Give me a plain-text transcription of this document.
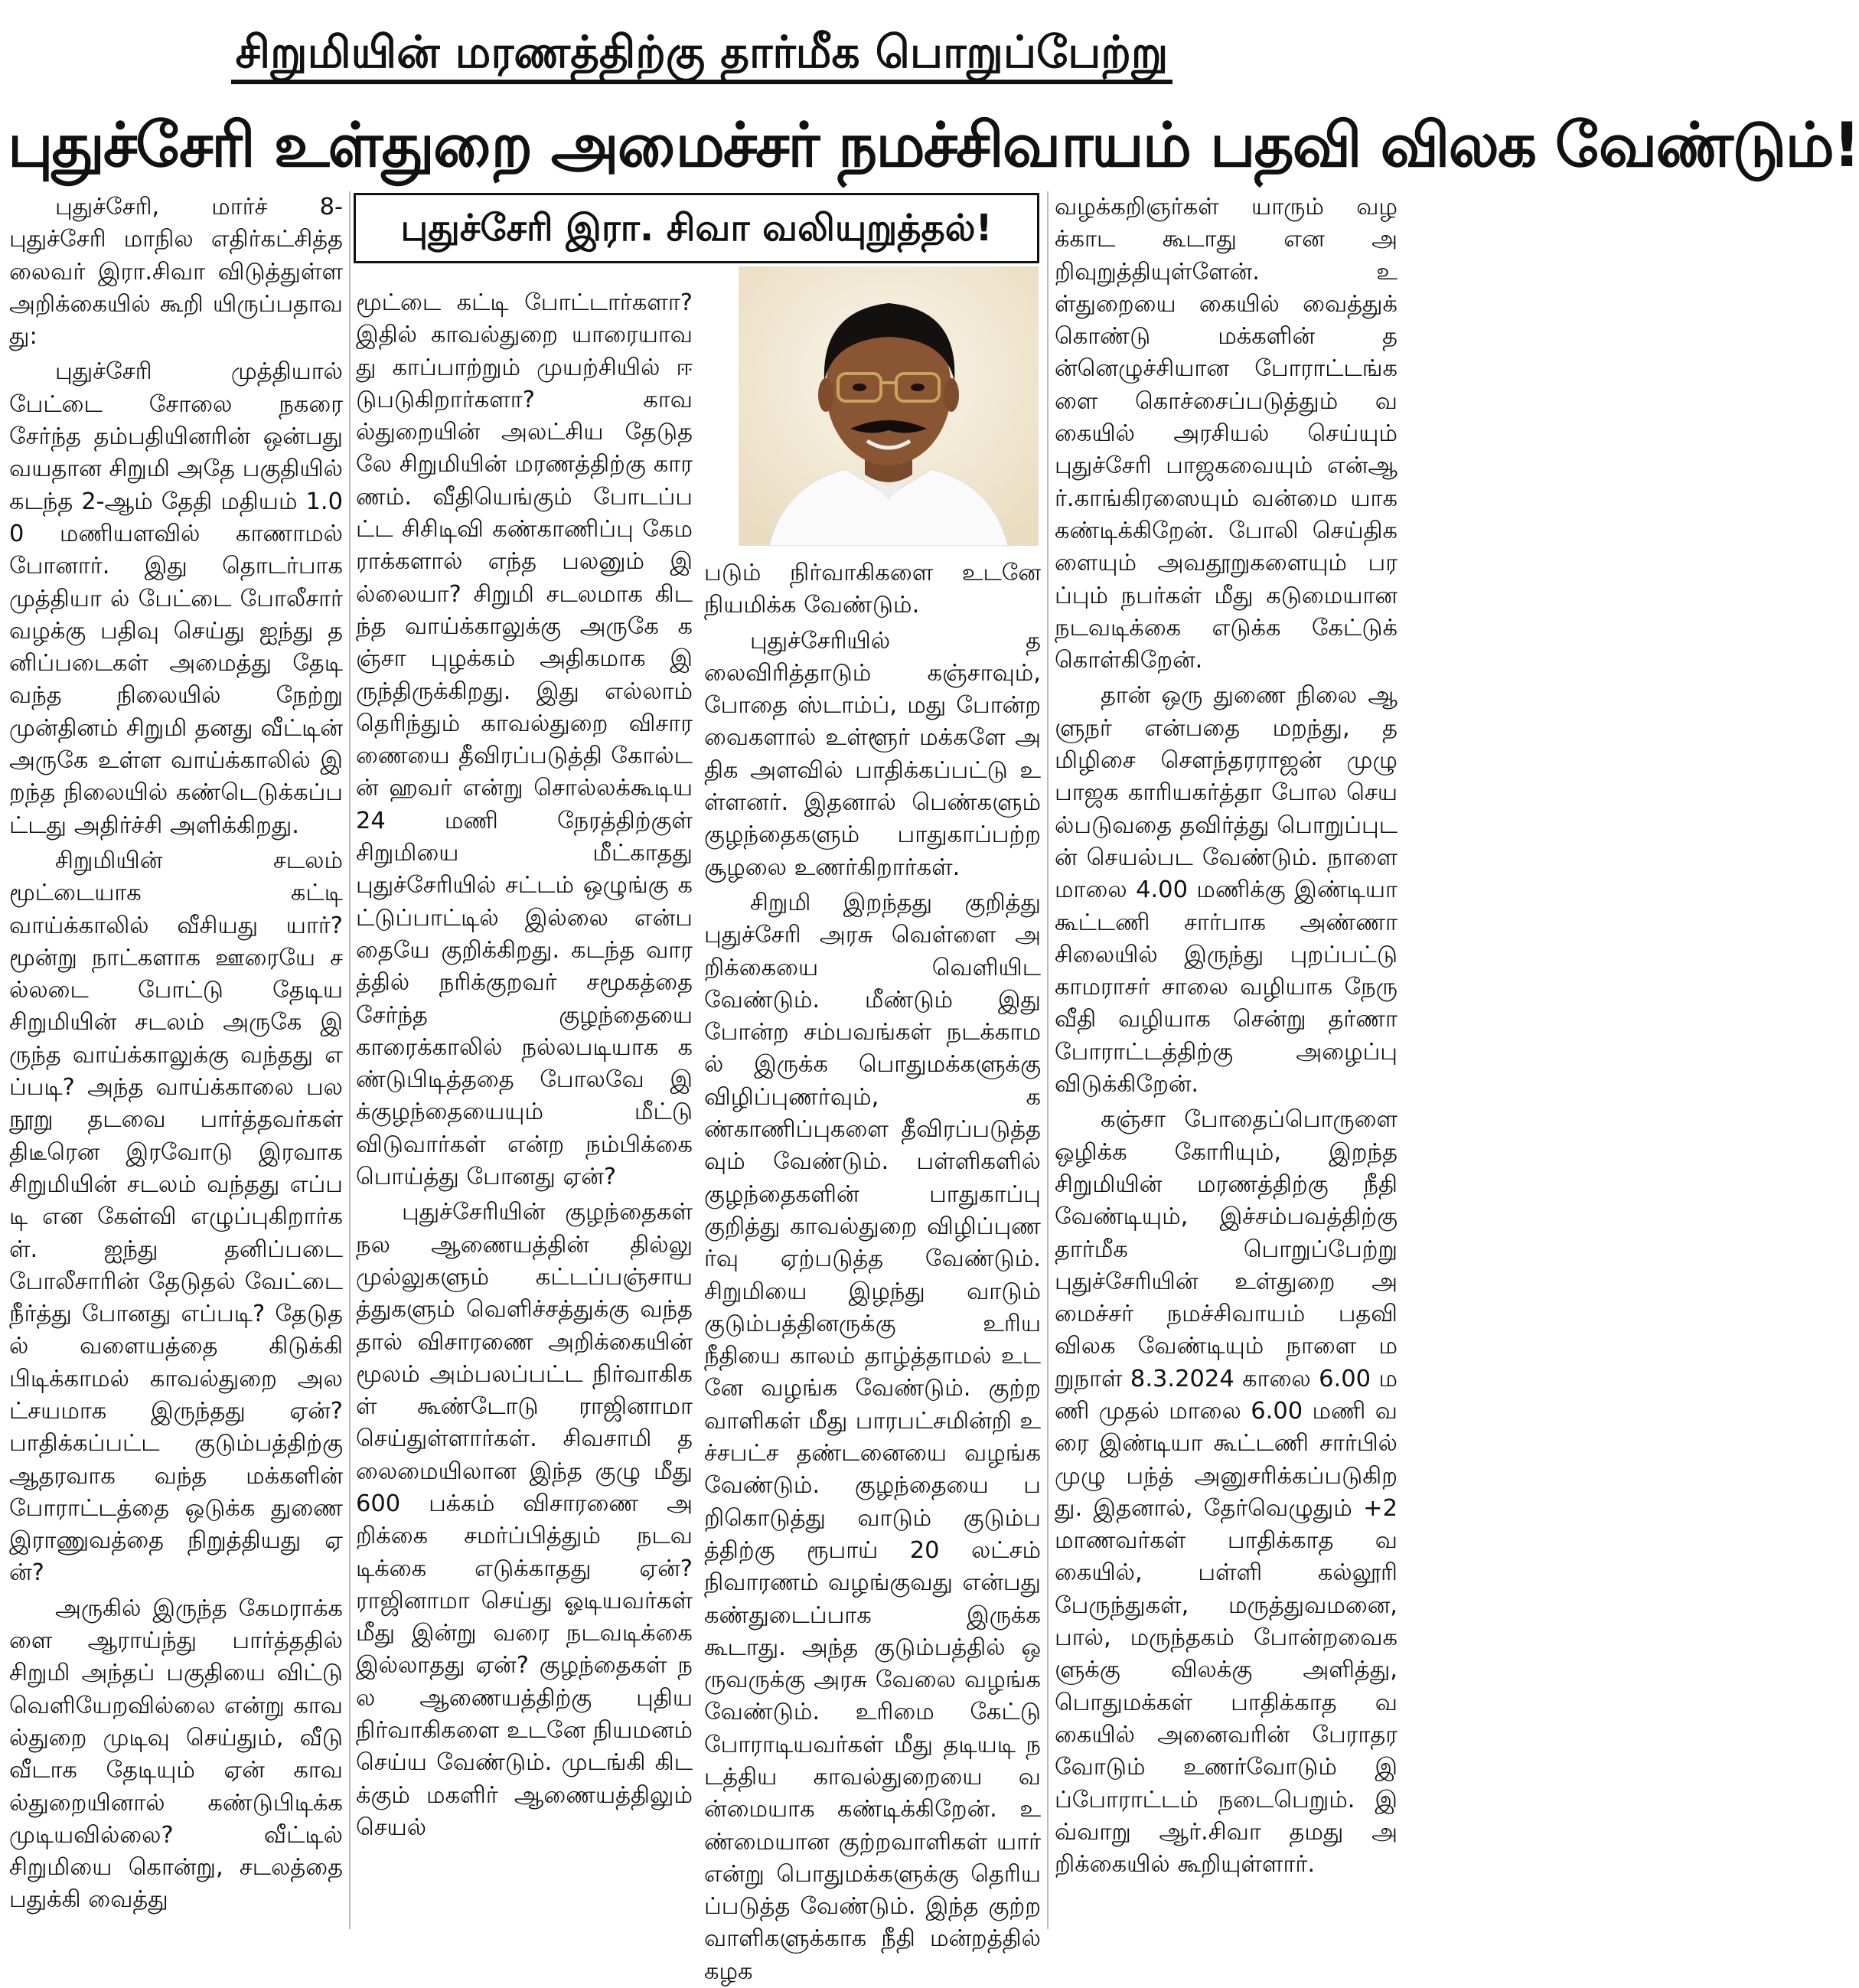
சிறுமியின் மரணத்திற்கு தார்மீக பொறுப்பேற்று
புதுச்சேரி உள்துறை அமைச்சர் நமச்சிவாயம் பதவி விலக வேண்டும்!

புதுச்சேரி, மார்ச் 8- புதுச்சேரி மாநில எதிர்கட்சித்தலைவர் இரா.சிவா விடுத்துள்ள அறிக்கையில் கூறி யிருப்பதாவது:

புதுச்சேரி முத்தியால் பேட்டை சோலை நகரை சேர்ந்த தம்பதியினரின் ஒன்பது வயதான சிறுமி அதே பகுதியில் கடந்த 2-ஆம் தேதி மதியம் 1.00 மணியளவில் காணாமல் போனார். இது தொடர்பாக முத்தியா ல் பேட்டை போலீசார் வழக்கு பதிவு செய்து ஐந்து தனிப்படைகள் அமைத்து தேடி வந்த நிலையில் நேற்று முன்தினம் சிறுமி தனது வீட்டின் அருகே உள்ள வாய்க்காலில் இறந்த நிலையில் கண்டெடுக்கப்பட்டது அதிர்ச்சி அளிக்கிறது.

சிறுமியின் சடலம் மூட்டையாக கட்டி வாய்க்காலில் வீசியது யார்? மூன்று நாட்களாக ஊரையே சல்லடை போட்டு தேடிய சிறுமியின் சடலம் அருகே இருந்த வாய்க்காலுக்கு வந்தது எப்படி? அந்த வாய்க்காலை பல நூறு தடவை பார்த்தவர்கள் திடீரென இரவோடு இரவாக சிறுமியின் சடலம் வந்தது எப்படி என கேள்வி எழுப்புகிறார்கள். ஐந்து தனிப்படை போலீசாரின் தேடுதல் வேட்டை நீர்த்து போனது எப்படி? தேடுதல் வளையத்தை கிடுக்கி பிடிக்காமல் காவல்துறை அலட்சயமாக இருந்தது ஏன்? பாதிக்கப்பட்ட குடும்பத்திற்கு ஆதரவாக வந்த மக்களின் போராட்டத்தை ஒடுக்க துணை இராணுவத்தை நிறுத்தியது ஏன்?

அருகில் இருந்த கேமராக்களை ஆராய்ந்து பார்த்ததில் சிறுமி அந்தப் பகுதியை விட்டு வெளியேறவில்லை என்று காவல்துறை முடிவு செய்தும், வீடு வீடாக தேடியும் ஏன் காவல்துறையினால் கண்டுபிடிக்க முடியவில்லை? வீட்டில் சிறுமியை கொன்று, சடலத்தை பதுக்கி வைத்து

புதுச்சேரி இரா. சிவா வலியுறுத்தல்!

மூட்டை கட்டி போட்டார்களா? இதில் காவல்துறை யாரையாவது காப்பாற்றும் முயற்சியில் ஈடுபடுகிறார்களா? காவல்துறையின் அலட்சிய தேடுதலே சிறுமியின் மரணத்திற்கு காரணம். வீதியெங்கும் போடப்பட்ட சிசிடிவி கண்காணிப்பு கேமராக்களால் எந்த பலனும் இல்லையா? சிறுமி சடலமாக கிடந்த வாய்க்காலுக்கு அருகே கஞ்சா புழக்கம் அதிகமாக இருந்திருக்கிறது. இது எல்லாம் தெரிந்தும் காவல்துறை விசாரணையை தீவிரப்படுத்தி கோல்டன் ஹவர் என்று சொல்லக்கூடிய 24 மணி நேரத்திற்குள் சிறுமியை மீட்காதது புதுச்சேரியில் சட்டம் ஒழுங்கு கட்டுப்பாட்டில் இல்லை என்பதையே குறிக்கிறது. கடந்த வாரத்தில் நரிக்குறவர் சமூகத்தை சேர்ந்த குழந்தையை காரைக்காலில் நல்லபடியாக கண்டுபிடித்ததை போலவே இக்குழந்தையையும் மீட்டு விடுவார்கள் என்ற நம்பிக்கை பொய்த்து போனது ஏன்?

புதுச்சேரியின் குழந்தைகள் நல ஆணையத்தின் தில்லு முல்லுகளும் கட்டப்பஞ்சாயத்துகளும் வெளிச்சத்துக்கு வந்ததால் விசாரணை அறிக்கையின் மூலம் அம்பலப்பட்ட நிர்வாகிகள் கூண்டோடு ராஜினாமா செய்துள்ளார்கள். சிவசாமி தலைமையிலான இந்த குழு மீது 600 பக்கம் விசாரணை அறிக்கை சமர்ப்பித்தும் நடவடிக்கை எடுக்காதது ஏன்? ராஜினாமா செய்து ஓடியவர்கள் மீது இன்று வரை நடவடிக்கை இல்லாதது ஏன்? குழந்தைகள் நல ஆணையத்திற்கு புதிய நிர்வாகிகளை உடனே நியமனம் செய்ய வேண்டும். முடங்கி கிடக்கும் மகளிர் ஆணையத்திலும் செயல்

படும் நிர்வாகிகளை உடனே நியமிக்க வேண்டும்.

புதுச்சேரியில் தலைவிரித்தாடும் கஞ்சாவும், போதை ஸ்டாம்ப், மது போன்றவைகளால் உள்ளூர் மக்களே அதிக அளவில் பாதிக்கப்பட்டு உள்ளனர். இதனால் பெண்களும் குழந்தைகளும் பாதுகாப்பற்ற சூழலை உணர்கிறார்கள்.

சிறுமி இறந்தது குறித்து புதுச்சேரி அரசு வெள்ளை அறிக்கையை வெளியிட வேண்டும். மீண்டும் இது போன்ற சம்பவங்கள் நடக்காமல் இருக்க பொதுமக்களுக்கு விழிப்புணர்வும், கண்காணிப்புகளை தீவிரப்படுத்தவும் வேண்டும். பள்ளிகளில் குழந்தைகளின் பாதுகாப்பு குறித்து காவல்துறை விழிப்புணர்வு ஏற்படுத்த வேண்டும். சிறுமியை இழந்து வாடும் குடும்பத்தினருக்கு உரிய நீதியை காலம் தாழ்த்தாமல் உடனே வழங்க வேண்டும். குற்றவாளிகள் மீது பாரபட்சமின்றி உச்சபட்ச தண்டனையை வழங்க வேண்டும். குழந்தையை பறிகொடுத்து வாடும் குடும்பத்திற்கு ரூபாய் 20 லட்சம் நிவாரணம் வழங்குவது என்பது கண்துடைப்பாக இருக்க கூடாது. அந்த குடும்பத்தில் ஒருவருக்கு அரசு வேலை வழங்க வேண்டும். உரிமை கேட்டு போராடியவர்கள் மீது தடியடி நடத்திய காவல்துறையை வன்மையாக கண்டிக்கிறேன். உண்மையான குற்றவாளிகள் யார் என்று பொதுமக்களுக்கு தெரியப்படுத்த வேண்டும். இந்த குற்றவாளிகளுக்காக நீதி மன்றத்தில் கழக

வழக்கறிஞர்கள் யாரும் வழக்காட கூடாது என அறிவுறுத்தியுள்ளேன். உள்துறையை கையில் வைத்துக் கொண்டு மக்களின் தன்னெழுச்சியான போராட்டங்களை கொச்சைப்படுத்தும் வகையில் அரசியல் செய்யும் புதுச்சேரி பாஜகவையும் என்ஆர்.காங்கிரஸையும் வன்மை யாக கண்டிக்கிறேன். போலி செய்திகளையும் அவதூறுகளையும் பரப்பும் நபர்கள் மீது கடுமையான நடவடிக்கை எடுக்க கேட்டுக் கொள்கிறேன்.

தான் ஒரு துணை நிலை ஆளுநர் என்பதை மறந்து, தமிழிசை சௌந்தரராஜன் முழு பாஜக காரியகர்த்தா போல செயல்படுவதை தவிர்த்து பொறுப்புடன் செயல்பட வேண்டும். நாளை மாலை 4.00 மணிக்கு இண்டியா கூட்டணி சார்பாக அண்ணா சிலையில் இருந்து புறப்பட்டு காமராசர் சாலை வழியாக நேரு வீதி வழியாக சென்று தர்ணா போராட்டத்திற்கு அழைப்பு விடுக்கிறேன்.

கஞ்சா போதைப்பொருளை ஒழிக்க கோரியும், இறந்த சிறுமியின் மரணத்திற்கு நீதி வேண்டியும், இச்சம்பவத்திற்கு தார்மீக பொறுப்பேற்று புதுச்சேரியின் உள்துறை அமைச்சர் நமச்சிவாயம் பதவி விலக வேண்டியும் நாளை மறுநாள் 8.3.2024 காலை 6.00 மணி முதல் மாலை 6.00 மணி வரை இண்டியா கூட்டணி சார்பில் முழு பந்த் அனுசரிக்கப்படுகிறது. இதனால், தேர்வெழுதும் +2 மாணவர்கள் பாதிக்காத வகையில், பள்ளி கல்லூரி பேருந்துகள், மருத்துவமனை, பால், மருந்தகம் போன்றவைகளுக்கு விலக்கு அளித்து, பொதுமக்கள் பாதிக்காத வகையில் அனைவரின் பேராதரவோடும் உணர்வோடும் இப்போராட்டம் நடைபெறும். இவ்வாறு ஆர்.சிவா தமது அறிக்கையில் கூறியுள்ளார்.
